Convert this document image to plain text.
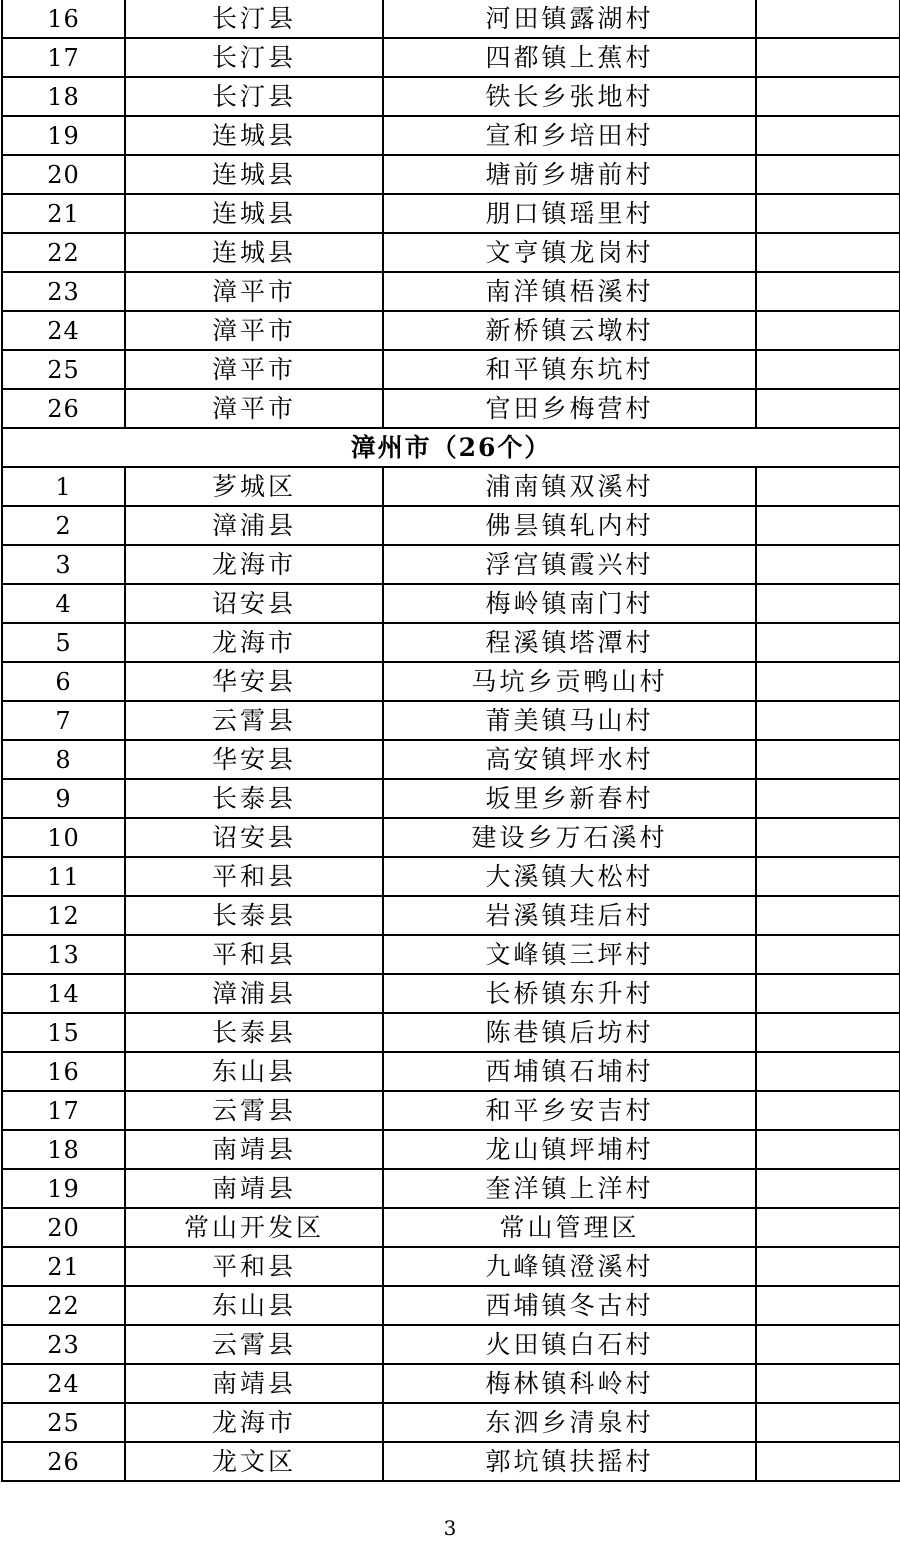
16	长汀县	河田镇露湖村	
17	长汀县	四都镇上蕉村	
18	长汀县	铁长乡张地村	
19	连城县	宣和乡培田村	
20	连城县	塘前乡塘前村	
21	连城县	朋口镇瑶里村	
22	连城县	文亨镇龙岗村	
23	漳平市	南洋镇梧溪村	
24	漳平市	新桥镇云墩村	
25	漳平市	和平镇东坑村	
26	漳平市	官田乡梅营村	
漳州市（26个）			
1	芗城区	浦南镇双溪村	
2	漳浦县	佛昙镇轧内村	
3	龙海市	浮宫镇霞兴村	
4	诏安县	梅岭镇南门村	
5	龙海市	程溪镇塔潭村	
6	华安县	马坑乡贡鸭山村	
7	云霄县	莆美镇马山村	
8	华安县	高安镇坪水村	
9	长泰县	坂里乡新春村	
10	诏安县	建设乡万石溪村	
11	平和县	大溪镇大松村	
12	长泰县	岩溪镇珪后村	
13	平和县	文峰镇三坪村	
14	漳浦县	长桥镇东升村	
15	长泰县	陈巷镇后坊村	
16	东山县	西埔镇石埔村	
17	云霄县	和平乡安吉村	
18	南靖县	龙山镇坪埔村	
19	南靖县	奎洋镇上洋村	
20	常山开发区	常山管理区	
21	平和县	九峰镇澄溪村	
22	东山县	西埔镇冬古村	
23	云霄县	火田镇白石村	
24	南靖县	梅林镇科岭村	
25	龙海市	东泗乡清泉村	
26	龙文区	郭坑镇扶摇村	
3
